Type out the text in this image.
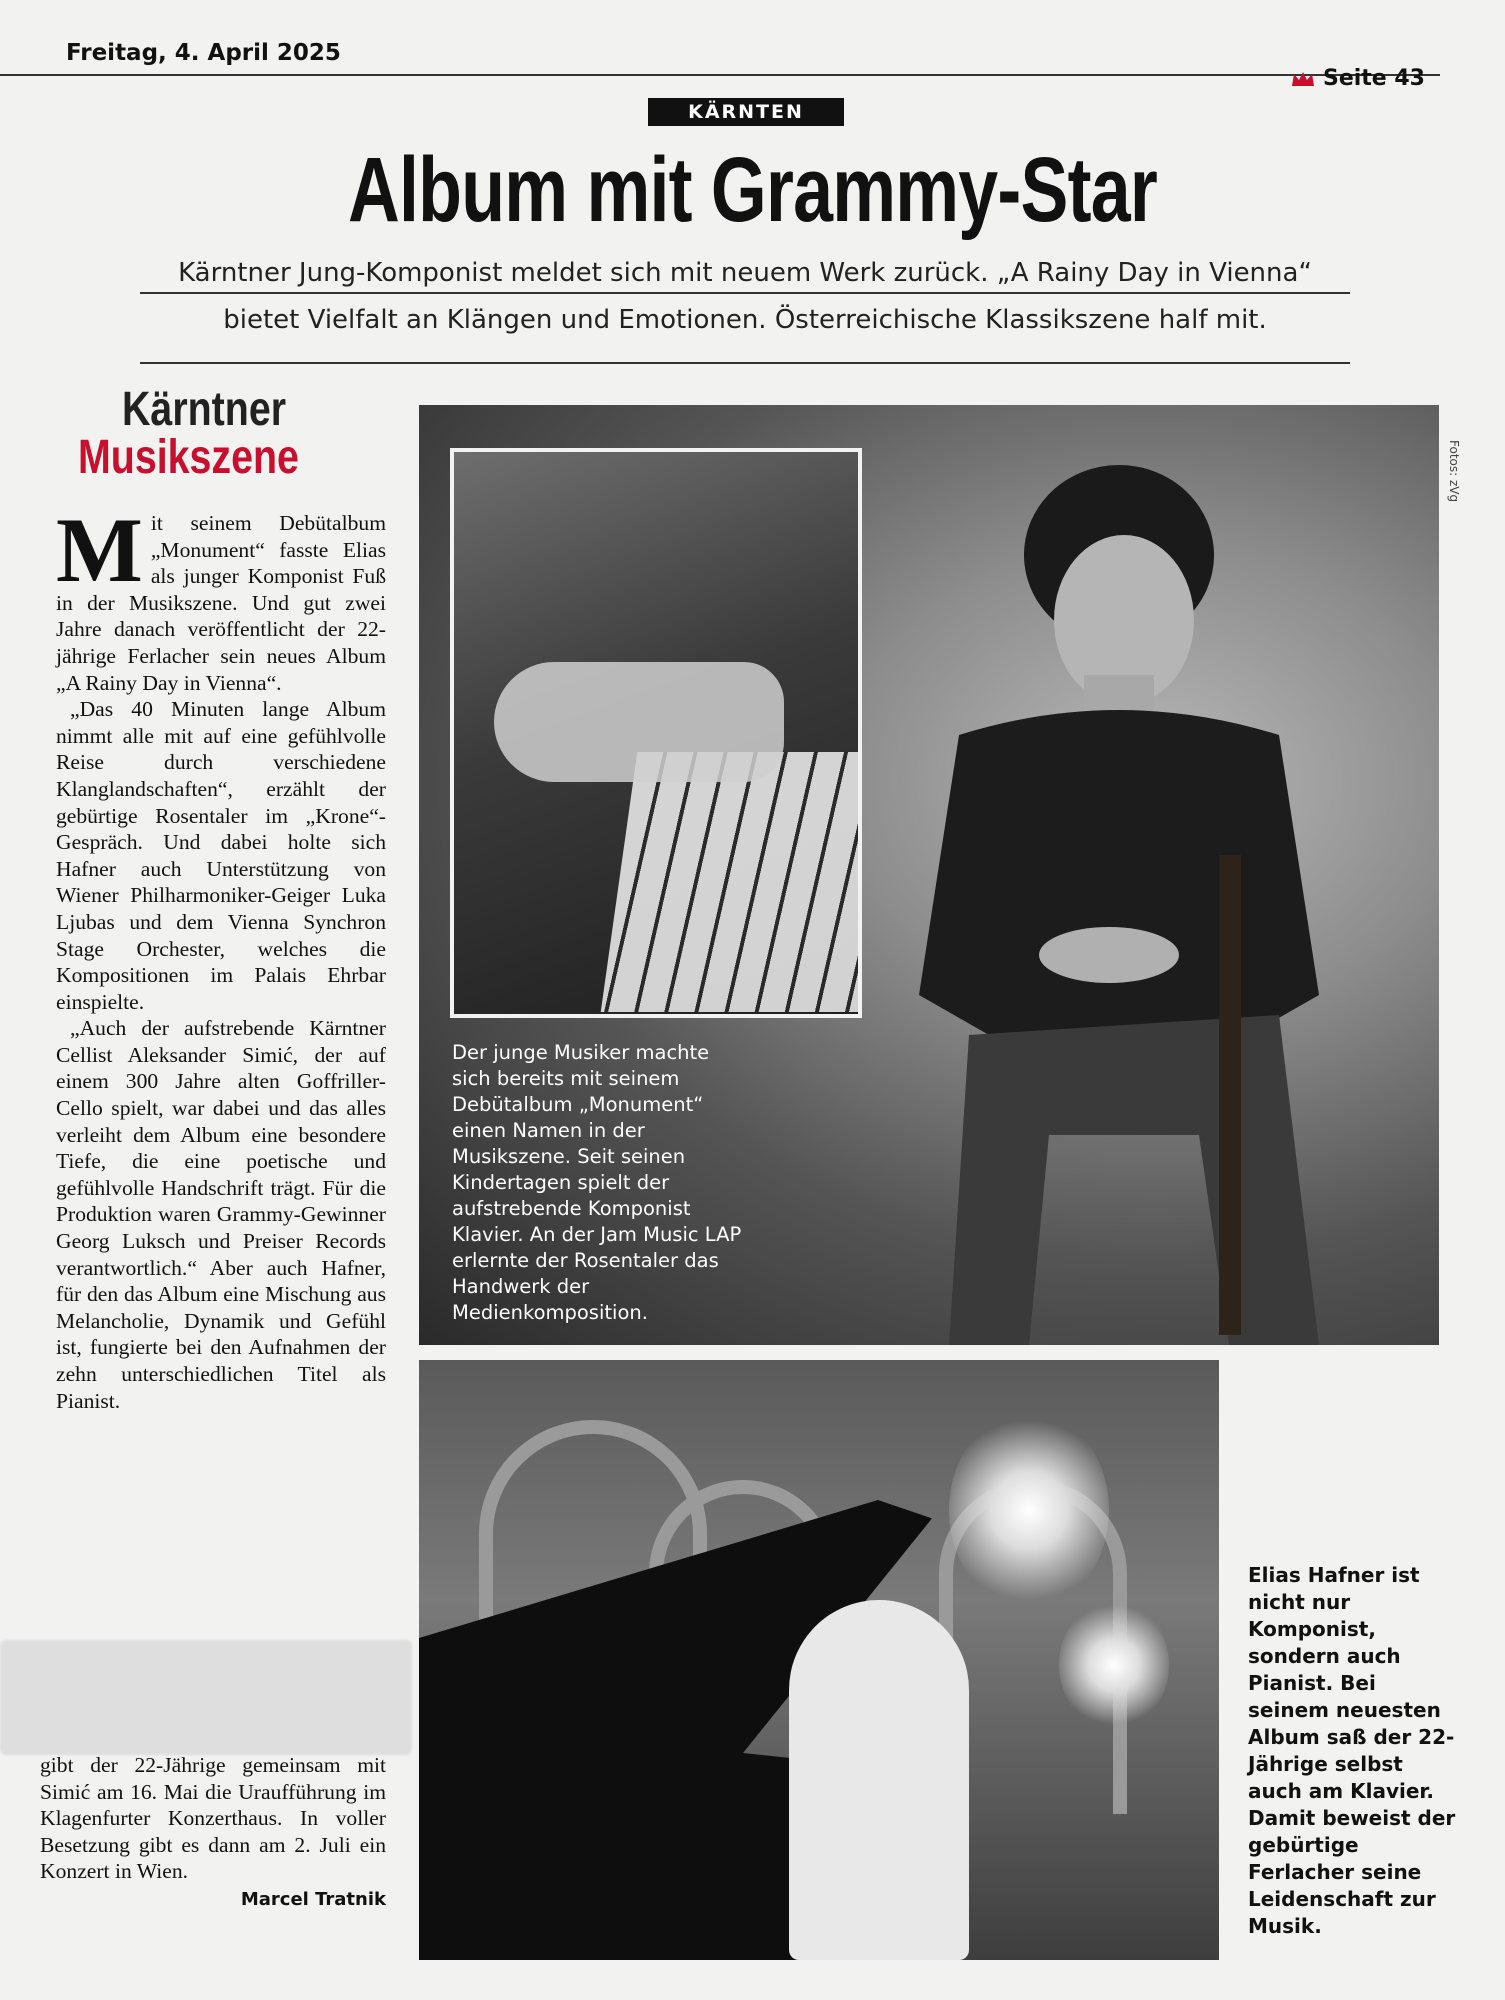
Freitag, 4. April 2025
Seite 43
KÄRNTEN
Album mit Grammy-Star
Kärntner Jung-Komponist meldet sich mit neuem Werk zurück. „A Rainy Day in Vienna“
bietet Vielfalt an Klängen und Emotionen. Österreichische Klassikszene half mit.
Kärntner
Musikszene

Mit seinem Debütalbum „Monument“ fasste Elias als junger Komponist Fuß in der Musikszene. Und gut zwei Jahre danach veröffentlicht der 22-jährige Ferlacher sein neues Album „A Rainy Day in Vienna“.

„Das 40 Minuten lange Album nimmt alle mit auf eine gefühlvolle Reise durch verschiedene Klanglandschaften“, erzählt der gebürtige Rosentaler im „Krone“-Gespräch. Und dabei holte sich Hafner auch Unterstützung von Wiener Philharmoniker-Geiger Luka Ljubas und dem Vienna Synchron Stage Orchester, welches die Kompositionen im Palais Ehrbar einspielte.

„Auch der aufstrebende Kärntner Cellist Aleksander Simić, der auf einem 300 Jahre alten Goffriller-Cello spielt, war dabei und das alles verleiht dem Album eine besondere Tiefe, die eine poetische und gefühlvolle Handschrift trägt. Für die Produktion waren Grammy-Gewinner Georg Luksch und Preiser Records verantwortlich.“ Aber auch Hafner, für den das Album eine Mischung aus Melancholie, Dynamik und Gefühl ist, fungierte bei den Aufnahmen der zehn unterschiedlichen Titel als Pianist.

gibt der 22-Jährige gemeinsam mit Simić am 16. Mai die Uraufführung im Klagenfurter Konzerthaus. In voller Besetzung gibt es dann am 2. Juli ein Konzert in Wien.

Marcel Tratnik
Der junge Musiker machte sich bereits mit seinem Debütalbum „Monument“ einen Namen in der Musikszene. Seit seinen Kindertagen spielt der aufstrebende Komponist Klavier. An der Jam Music LAP erlernte der Rosentaler das Handwerk der Medienkomposition.
Fotos: zVg
Elias Hafner ist nicht nur Komponist, sondern auch Pianist. Bei seinem neuesten Album saß der 22-Jährige selbst auch am Klavier. Damit beweist der gebürtige Ferlacher seine Leidenschaft zur Musik.
